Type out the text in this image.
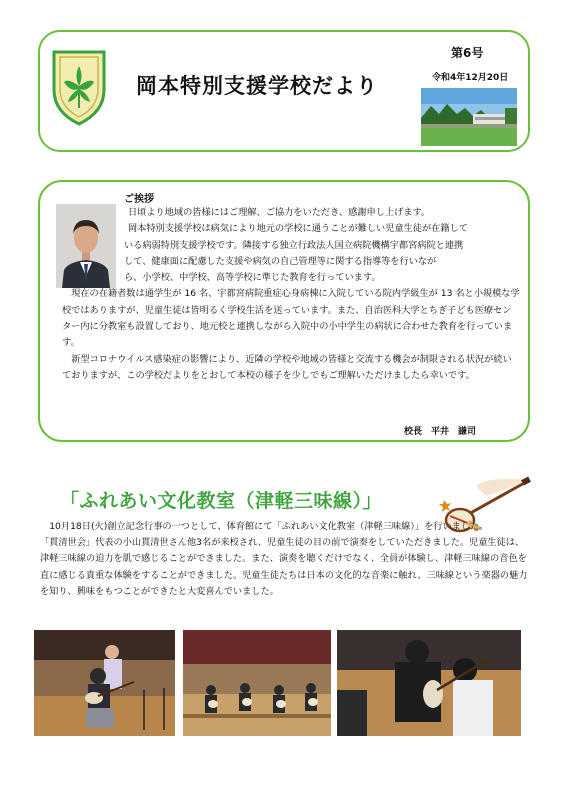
岡本特別支援学校だより
第6号
令和4年12月20日
ご挨拶

日頃より地域の皆様にはご理解、ご協力をいただき、感謝申し上げます。

岡本特別支援学校は病気により地元の学校に通うことが難しい児童生徒が在籍して

いる病弱特別支援学校です。隣接する独立行政法人国立病院機構宇都宮病院と連携

して、健康面に配慮した支援や病気の自己管理等に関する指導等を行いなが

ら、小学校、中学校、高等学校に準じた教育を行っています。

現在の在籍者数は通学生が 16 名、宇都宮病院重症心身病棟に入院している院内学級生が 13 名と小規模な学校ではありますが、児童生徒は皆明るく学校生活を送っています。また、自治医科大学とちぎ子ども医療センター内に分教室も設置しており、地元校と連携しながら入院中の小中学生の病状に合わせた教育を行っています。

新型コロナウイルス感染症の影響により、近隣の学校や地域の皆様と交流する機会が制限される状況が続いておりますが、この学校だよりをとおして本校の様子を少しでもご理解いただけましたら幸いです。

校長　平井　謙司
「ふれあい文化教室（津軽三味線）」

10月18日(火)創立記念行事の一つとして、体育館にて「ふれあい文化教室（津軽三味線）」を行いました。

「貫清世会」代表の小山貫清世さん他3名が来校され、児童生徒の目の前で演奏をしていただきました。児童生徒は、津軽三味線の迫力を肌で感じることができました。また、演奏を聴くだけでなく、全員が体験し、津軽三味線の音色を直に感じる貴重な体験をすることができました。児童生徒たちは日本の文化的な音楽に触れ、三味線という楽器の魅力を知り、興味をもつことができたと大変喜んでいました。
